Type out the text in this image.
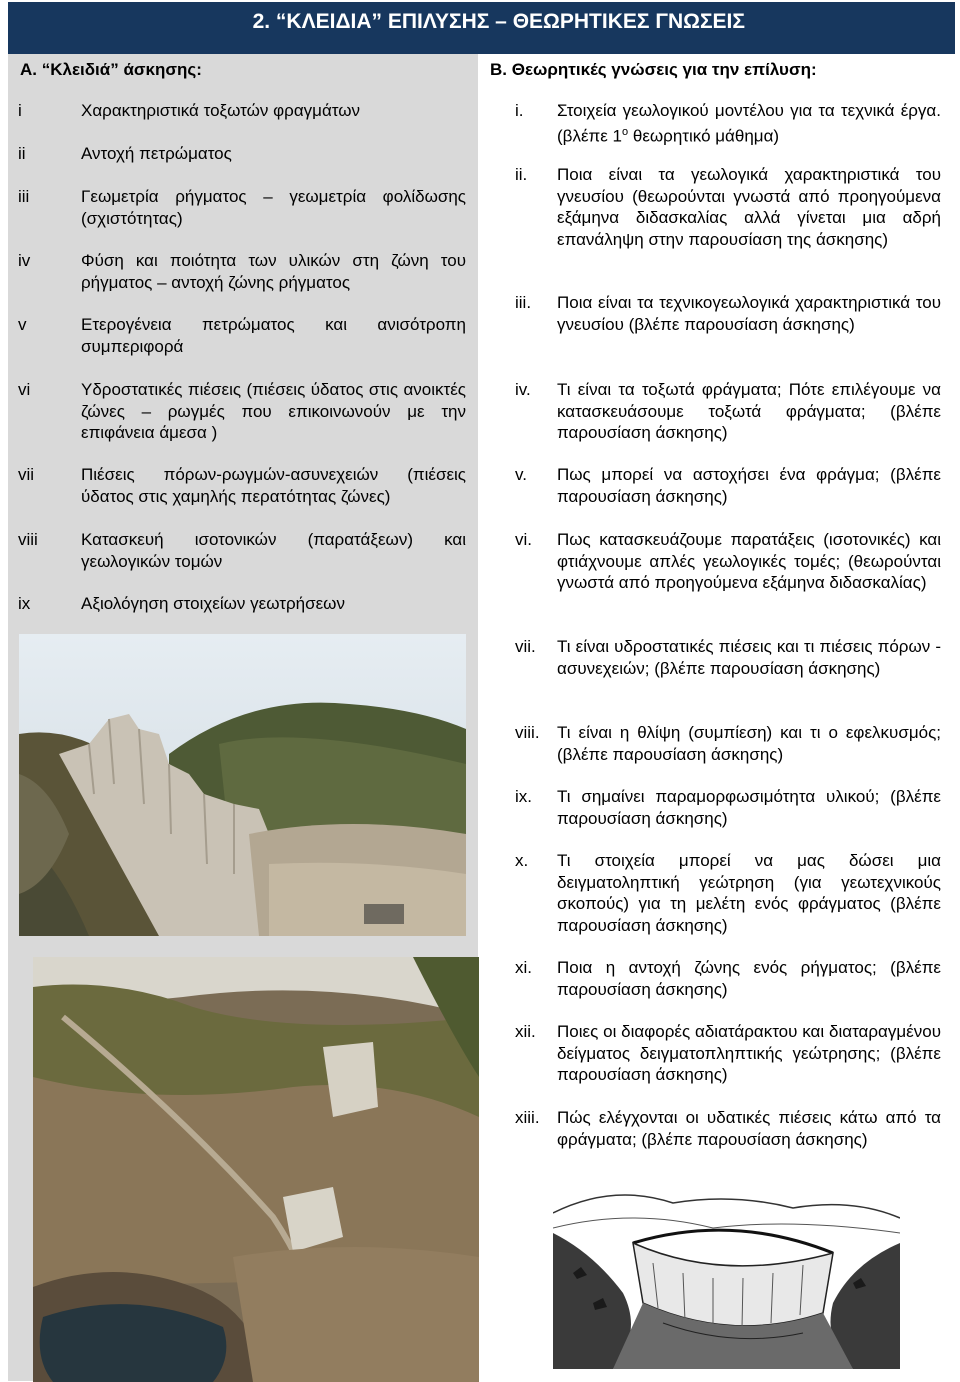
2. “ΚΛΕΙΔΙΑ” ΕΠΙΛΥΣΗΣ – ΘΕΩΡΗΤΙΚΕΣ ΓΝΩΣΕΙΣ
Α. “Κλειδιά” άσκησης:	Β. Θεωρητικές γνώσεις για την επίλυση:
i	Χαρακτηριστικά τοξωτών φραγμάτων
ii	Αντοχή πετρώματος
iii	Γεωμετρία ρήγματος – γεωμετρία φολίδωσης (σχιστότητας)
iv	Φύση και ποιότητα των υλικών στη ζώνη του ρήγματος – αντοχή ζώνης ρήγματος
v	Ετερογένεια πετρώματος και ανισότροπη συμπεριφορά
vi	Υδροστατικές πιέσεις (πιέσεις ύδατος στις ανοικτές ζώνες – ρωγμές που επικοινωνούν με την επιφάνεια άμεσα )
vii	Πιέσεις πόρων-ρωγμών-ασυνεχειών (πιέσεις ύδατος στις χαμηλής περατότητας ζώνες)
viii	Κατασκευή ισοτονικών (παρατάξεων) και γεωλογικών τομών
ix	Αξιολόγηση στοιχείων γεωτρήσεων
i.	Στοιχεία γεωλογικού μοντέλου για τα τεχνικά έργα. (βλέπε $1^o$ θεωρητικό μάθημα)
ii.	Ποια είναι τα γεωλογικά χαρακτηριστικά του γνευσίου (θεωρούνται γνωστά από προηγούμενα εξάμηνα διδασκαλίας αλλά γίνεται μια αδρή επανάληψη στην παρουσίαση της άσκησης)
iii.	Ποια είναι τα τεχνικογεωλογικά χαρακτηριστικά του γνευσίου (βλέπε παρουσίαση άσκησης)
iv.	Τι είναι τα τοξωτά φράγματα; Πότε επιλέγουμε να κατασκευάσουμε τοξωτά φράγματα; (βλέπε παρουσίαση άσκησης)
v.	Πως μπορεί να αστοχήσει ένα φράγμα; (βλέπε παρουσίαση άσκησης)
vi.	Πως κατασκευάζουμε παρατάξεις (ισοτονικές) και φτιάχνουμε απλές γεωλογικές τομές; (θεωρούνται γνωστά από προηγούμενα εξάμηνα διδασκαλίας)
vii.	Τι είναι υδροστατικές πιέσεις και τι πιέσεις πόρων - ασυνεχειών; (βλέπε παρουσίαση άσκησης)
viii.	Τι είναι η θλίψη (συμπίεση) και τι ο εφελκυσμός; (βλέπε παρουσίαση άσκησης)
ix.	Τι σημαίνει παραμορφωσιμότητα υλικού; (βλέπε παρουσίαση άσκησης)
x.	Τι στοιχεία μπορεί να μας δώσει μια δειγματοληπτική γεώτρηση (για γεωτεχνικούς σκοπούς) για τη μελέτη ενός φράγματος (βλέπε παρουσίαση άσκησης)
xi.	Ποια η αντοχή ζώνης ενός ρήγματος; (βλέπε παρουσίαση άσκησης)
xii.	Ποιες οι διαφορές αδιατάρακτου και διαταραγμένου δείγματος δειγματοπληπτικής γεώτρησης; (βλέπε παρουσίαση άσκησης)
xiii.	Πώς ελέγχονται οι υδατικές πιέσεις κάτω από τα φράγματα; (βλέπε παρουσίαση άσκησης)
